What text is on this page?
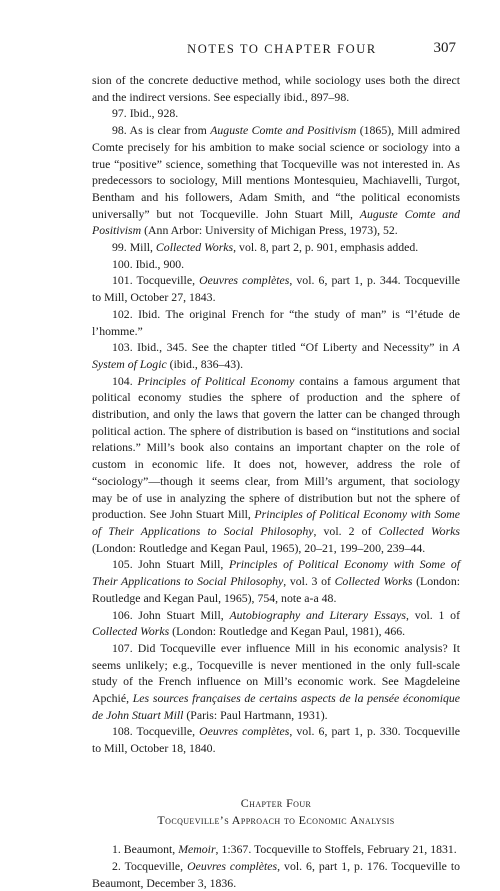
NOTES TO CHAPTER FOUR	307

sion of the concrete deductive method, while sociology uses both the direct and the indirect versions. See especially ibid., 897–98.

97. Ibid., 928.

98. As is clear from Auguste Comte and Positivism (1865), Mill admired Comte precisely for his ambition to make social science or sociology into a true “positive” science, something that Tocqueville was not interested in. As predecessors to sociology, Mill mentions Montesquieu, Machiavelli, Turgot, Bentham and his followers, Adam Smith, and “the political economists universally” but not Tocqueville. John Stuart Mill, Auguste Comte and Positivism (Ann Arbor: University of Michigan Press, 1973), 52.

99. Mill, Collected Works, vol. 8, part 2, p. 901, emphasis added.

100. Ibid., 900.

101. Tocqueville, Oeuvres complètes, vol. 6, part 1, p. 344. Tocqueville to Mill, October 27, 1843.

102. Ibid. The original French for “the study of man” is “l’étude de l’homme.”

103. Ibid., 345. See the chapter titled “Of Liberty and Necessity” in A System of Logic (ibid., 836–43).

104. Principles of Political Economy contains a famous argument that political economy studies the sphere of production and the sphere of distribution, and only the laws that govern the latter can be changed through political action. The sphere of distribution is based on “institutions and social relations.” Mill’s book also contains an important chapter on the role of custom in economic life. It does not, however, address the role of “sociology”—though it seems clear, from Mill’s argument, that sociology may be of use in analyzing the sphere of distribution but not the sphere of production. See John Stuart Mill, Principles of Political Economy with Some of Their Applications to Social Philosophy, vol. 2 of Collected Works (London: Routledge and Kegan Paul, 1965), 20–21, 199–200, 239–44.

105. John Stuart Mill, Principles of Political Economy with Some of Their Applications to Social Philosophy, vol. 3 of Collected Works (London: Routledge and Kegan Paul, 1965), 754, note a-a 48.

106. John Stuart Mill, Autobiography and Literary Essays, vol. 1 of Collected Works (London: Routledge and Kegan Paul, 1981), 466.

107. Did Tocqueville ever influence Mill in his economic analysis? It seems unlikely; e.g., Tocqueville is never mentioned in the only full-scale study of the French influence on Mill’s economic work. See Magdeleine Apchié, Les sources françaises de certains aspects de la pensée économique de John Stuart Mill (Paris: Paul Hartmann, 1931).

108. Tocqueville, Oeuvres complètes, vol. 6, part 1, p. 330. Tocqueville to Mill, October 18, 1840.

Chapter Four

Tocqueville’s Approach to Economic Analysis

1. Beaumont, Memoir, 1:367. Tocqueville to Stoffels, February 21, 1831.

2. Tocqueville, Oeuvres complètes, vol. 6, part 1, p. 176. Tocqueville to Beaumont, December 3, 1836.
